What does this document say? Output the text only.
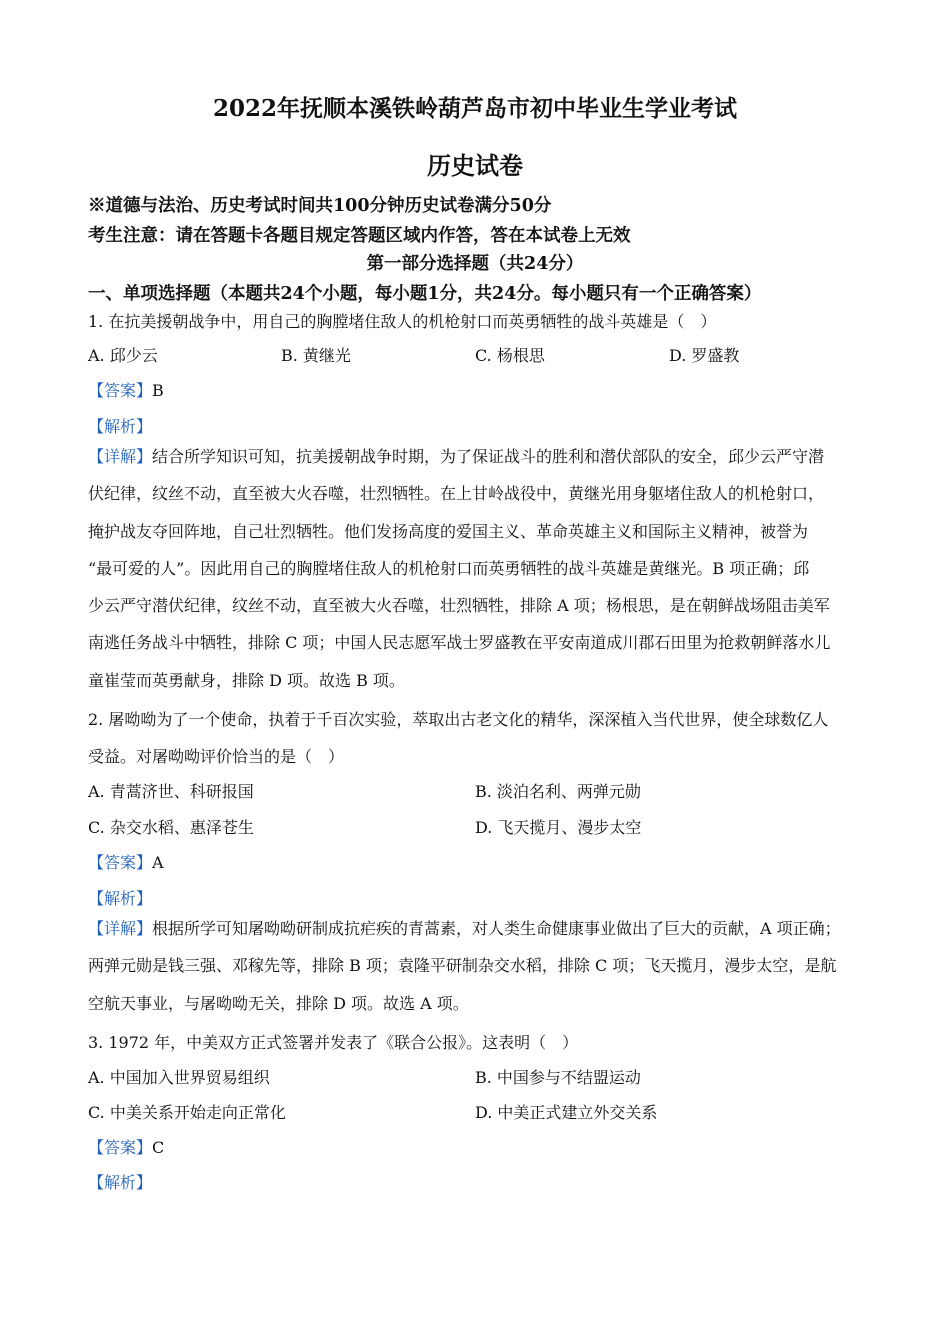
2022年抚顺本溪铁岭葫芦岛市初中毕业生学业考试
历史试卷
※道德与法治、历史考试时间共100分钟历史试卷满分50分
考生注意：请在答题卡各题目规定答题区域内作答，答在本试卷上无效
第一部分选择题（共24分）
一、单项选择题（本题共24个小题，每小题1分，共24分。每小题只有一个正确答案）
1. 在抗美援朝战争中，用自己的胸膛堵住敌人的机枪射口而英勇牺牲的战斗英雄是（　）
A. 邱少云	B. 黄继光	C. 杨根思	D. 罗盛教
【答案】B
【解析】
【详解】结合所学知识可知，抗美援朝战争时期，为了保证战斗的胜利和潜伏部队的安全，邱少云严守潜
伏纪律，纹丝不动，直至被大火吞噬，壮烈牺牲。在上甘岭战役中，黄继光用身躯堵住敌人的机枪射口，
掩护战友夺回阵地，自己壮烈牺牲。他们发扬高度的爱国主义、革命英雄主义和国际主义精神，被誉为
“最可爱的人”。因此用自己的胸膛堵住敌人的机枪射口而英勇牺牲的战斗英雄是黄继光。B 项正确；邱
少云严守潜伏纪律，纹丝不动，直至被大火吞噬，壮烈牺牲，排除 A 项；杨根思，是在朝鲜战场阻击美军
南逃任务战斗中牺牲，排除 C 项；中国人民志愿军战士罗盛教在平安南道成川郡石田里为抢救朝鲜落水儿
童崔莹而英勇献身，排除 D 项。故选 B 项。
2. 屠呦呦为了一个使命，执着于千百次实验，萃取出古老文化的精华，深深植入当代世界，使全球数亿人
受益。对屠呦呦评价恰当的是（　）
A. 青蒿济世、科研报国	B. 淡泊名利、两弹元勋
C. 杂交水稻、惠泽苍生	D. 飞天揽月、漫步太空
【答案】A
【解析】
【详解】根据所学可知屠呦呦研制成抗疟疾的青蒿素，对人类生命健康事业做出了巨大的贡献，A 项正确；
两弹元勋是钱三强、邓稼先等，排除 B 项；袁隆平研制杂交水稻，排除 C 项；飞天揽月，漫步太空，是航
空航天事业，与屠呦呦无关，排除 D 项。故选 A 项。
3. 1972 年，中美双方正式签署并发表了《联合公报》。这表明（　）
A. 中国加入世界贸易组织	B. 中国参与不结盟运动
C. 中美关系开始走向正常化	D. 中美正式建立外交关系
【答案】C
【解析】
